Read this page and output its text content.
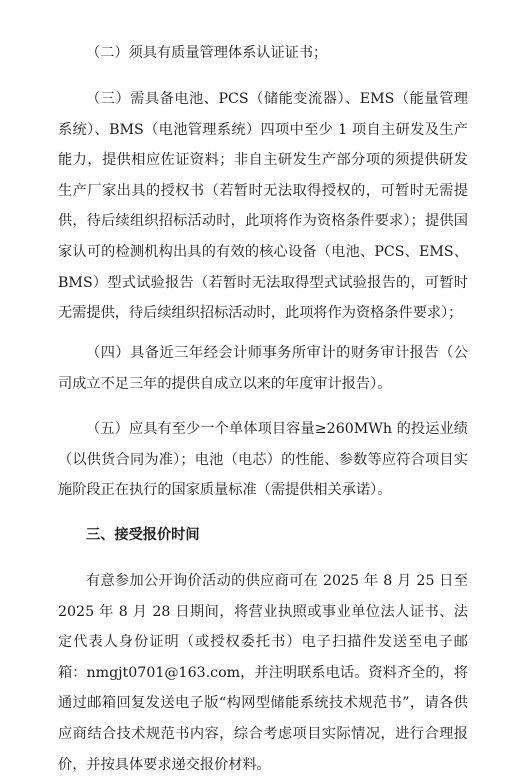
（二）须具有质量管理体系认证证书；

（三）需具备电池、PCS（储能变流器）、EMS（能量管理系统）、BMS（电池管理系统）四项中至少 1 项自主研发及生产能力，提供相应佐证资料；非自主研发生产部分项的须提供研发生产厂家出具的授权书（若暂时无法取得授权的，可暂时无需提供，待后续组织招标活动时，此项将作为资格条件要求）；提供国家认可的检测机构出具的有效的核心设备（电池、PCS、EMS、BMS）型式试验报告（若暂时无法取得型式试验报告的，可暂时无需提供，待后续组织招标活动时，此项将作为资格条件要求）；

（四）具备近三年经会计师事务所审计的财务审计报告（公司成立不足三年的提供自成立以来的年度审计报告）。

（五）应具有至少一个单体项目容量≥260MWh 的投运业绩（以供货合同为准）；电池（电芯）的性能、参数等应符合项目实施阶段正在执行的国家质量标准（需提供相关承诺）。

三、接受报价时间

有意参加公开询价活动的供应商可在 2025 年 8 月 25 日至 2025 年 8 月 28 日期间，将营业执照或事业单位法人证书、法定代表人身份证明（或授权委托书）电子扫描件发送至电子邮箱：nmgjt0701@163.com，并注明联系电话。资料齐全的，将通过邮箱回复发送电子版“构网型储能系统技术规范书”，请各供应商结合技术规范书内容，综合考虑项目实际情况，进行合理报价，并按具体要求递交报价材料。
